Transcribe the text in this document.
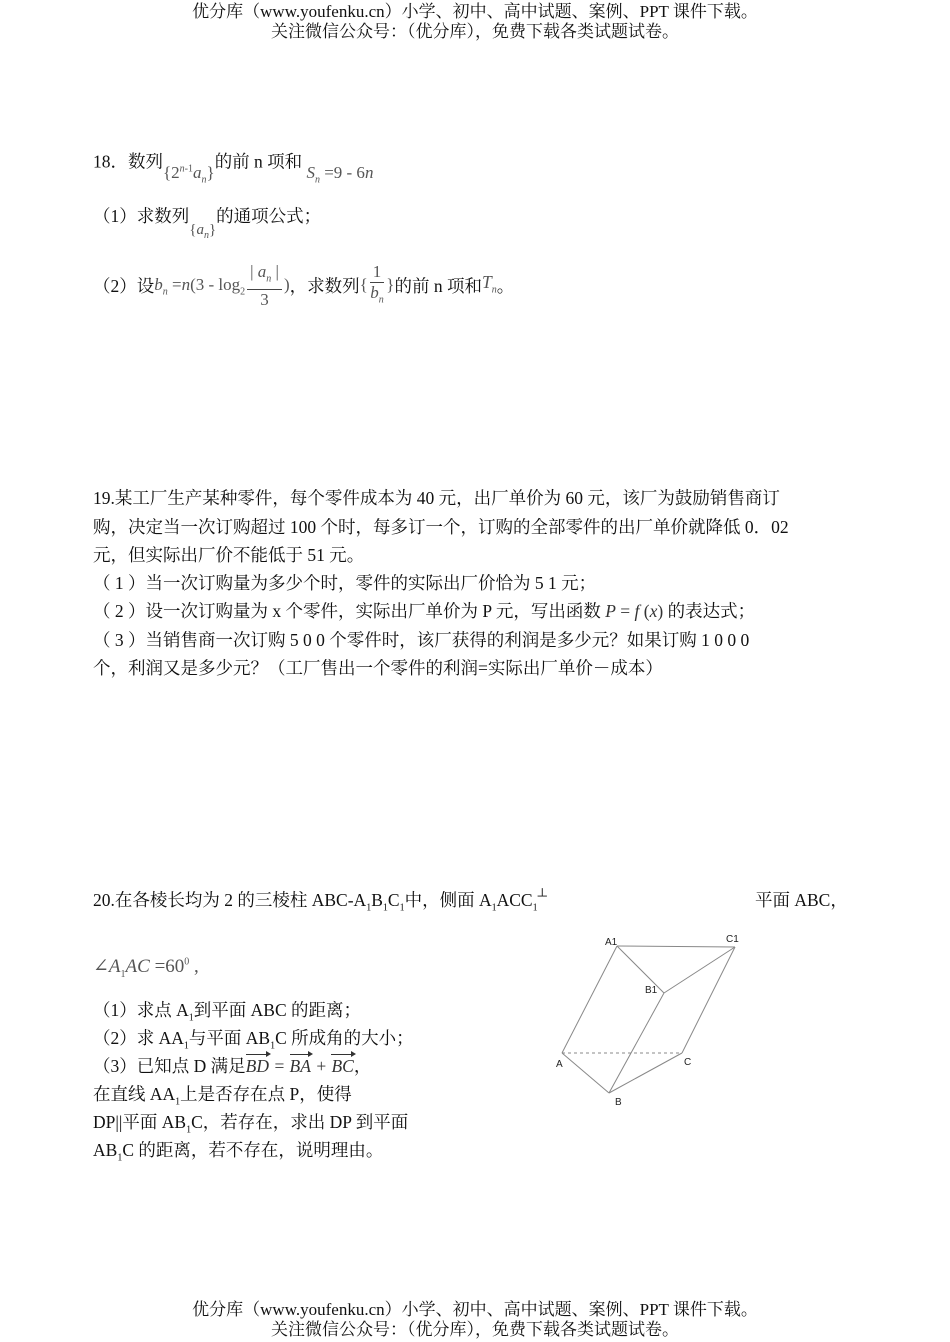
优分库（www.youfenku.cn）小学、初中、高中试题、案例、PPT 课件下载。
关注微信公众号：（优分库），免费下载各类试题试卷。
18．数列$\{2^{n-1}a_n\}$的前 n 项和 $S_n =9 - 6n$
（1）求数列$\{a_n\}$的通项公式；
（2）设$b_n =n(3 - \log_2 \frac{| a_n |}{3}$ )，求数列{ $\frac{1}{b_n}$ }的前 n 项和$T_n$。
19.某工厂生产某种零件，每个零件成本为 40 元，出厂单价为 60 元，该厂为鼓励销售商订
购，决定当一次订购超过 100 个时，每多订一个，订购的全部零件的出厂单价就降低 0．02
元，但实际出厂价不能低于 51 元。
（ 1 ）当一次订购量为多少个时，零件的实际出厂价恰为 5 1 元；
（ 2 ）设一次订购量为 x 个零件，实际出厂单价为 P 元，写出函数 P = f (x) 的表达式；
（ 3 ）当销售商一次订购 5 0 0 个零件时，该厂获得的利润是多少元？如果订购 1 0 0 0
个，利润又是多少元？（工厂售出一个零件的利润=实际出厂单价－成本）
20.在各棱长均为 2 的三棱柱 ABC-$A_1B_1C_1$中，侧面 $A_1ACC_1^┴$	平面 ABC，
$\angle A_1AC =60^0$ ,
（1）求点 $A_1$到平面 ABC 的距离；
（2）求 $AA_1$与平面 $AB_1C$ 所成角的大小；
（3）已知点 D 满足BD = BA + BC，
在直线 $AA_1$上是否存在点 P，使得
DP||平面 $AB_1C$，若存在，求出 DP 到平面
$AB_1C$ 的距离，若不存在，说明理由。
A1	C1
B1
A
B
C
优分库（www.youfenku.cn）小学、初中、高中试题、案例、PPT 课件下载。
关注微信公众号：（优分库），免费下载各类试题试卷。
